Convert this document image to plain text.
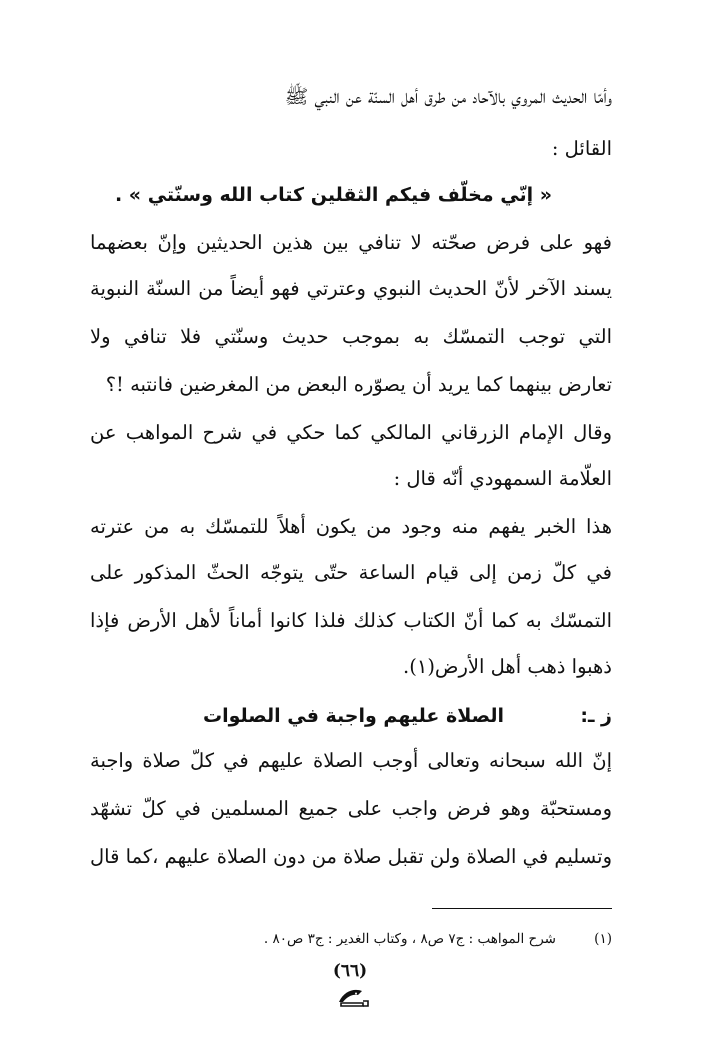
وأمّا الحديث المروي بالآحاد من طرق أهل السنّة عن النبي ﷺ
القائل :
« إنّي مخلّف فيكم الثقلين كتاب الله وسنّتي » .
فهو على فرض صحّته لا تنافي بين هذين الحديثين وإنّ بعضهما
يسند الآخر لأنّ الحديث النبوي وعترتي فهو أيضاً من السنّة النبوية
التي توجب التمسّك به بموجب حديث وسنّتي فلا تنافي ولا
تعارض بينهما كما يريد أن يصوّره البعض من المغرضين فانتبه !؟
وقال الإمام الزرقاني المالكي كما حكي في شرح المواهب عن
العلّامة السمهودي أنّه قال :
هذا الخبر يفهم منه وجود من يكون أهلاً للتمسّك به من عترته
في كلّ زمن إلى قيام الساعة حتّى يتوجّه الحثّ المذكور على
التمسّك به كما أنّ الكتاب كذلك فلذا كانوا أماناً لأهل الأرض فإذا
ذهبوا ذهب أهل الأرض(١).
ز ـ:
الصلاة عليهم واجبة في الصلوات
إنّ الله سبحانه وتعالى أوجب الصلاة عليهم في كلّ صلاة واجبة
ومستحبّة وهو فرض واجب على جميع المسلمين في كلّ تشهّد
وتسليم في الصلاة ولن تقبل صلاة من دون الصلاة عليهم ،كما قال
(١)
شرح المواهب : ج٧ ص٨ ، وكتاب الغدير : ج٣ ص٨٠ .
(٦٦)
